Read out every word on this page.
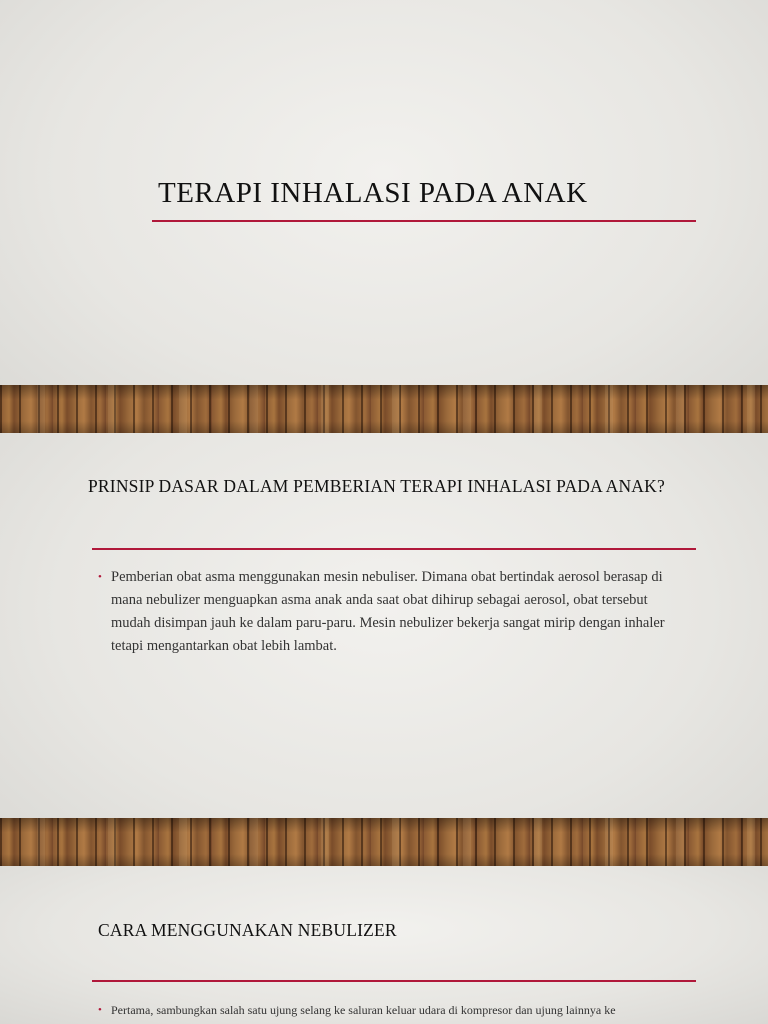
TERAPI INHALASI PADA ANAK
PRINSIP DASAR DALAM PEMBERIAN TERAPI INHALASI PADA ANAK?
• Pemberian obat asma menggunakan mesin nebuliser. Dimana obat bertindak aerosol berasap di mana nebulizer menguapkan asma anak anda saat obat dihirup sebagai aerosol, obat tersebut mudah disimpan jauh ke dalam paru-paru. Mesin nebulizer bekerja sangat mirip dengan inhaler tetapi mengantarkan obat lebih lambat.
CARA MENGGUNAKAN NEBULIZER
• Pertama, sambungkan salah satu ujung selang ke saluran keluar udara di kompresor dan ujung lainnya ke
